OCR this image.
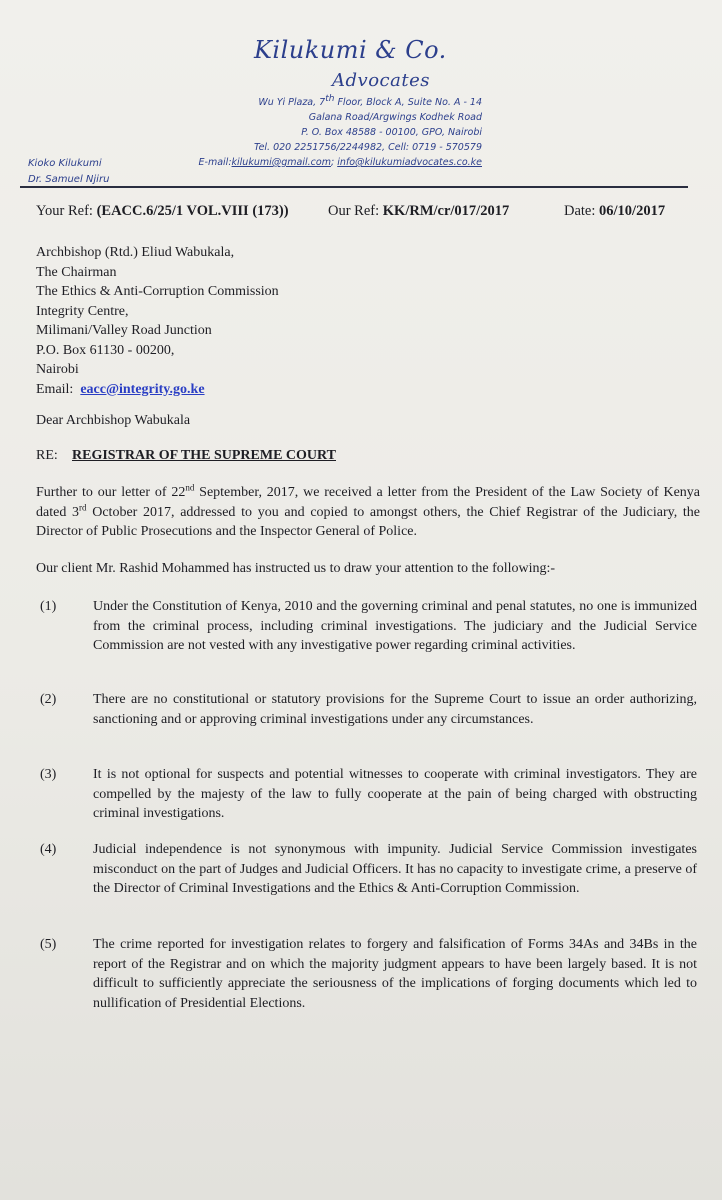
Kilukumi & Co.
Advocates
Wu Yi Plaza, 7th Floor, Block A, Suite No. A - 14
Galana Road/Argwings Kodhek Road
P. O. Box 48588 - 00100, GPO, Nairobi
Tel. 020 2251756/2244982, Cell: 0719 - 570579
E-mail:kilukumi@gmail.com; info@kilukumiadvocates.co.ke
Kioko Kilukumi
Dr. Samuel Njiru
Your Ref: (EACC.6/25/1 VOL.VIII (173))	Our Ref: KK/RM/cr/017/2017	Date: 06/10/2017
Archbishop (Rtd.) Eliud Wabukala,
The Chairman
The Ethics & Anti-Corruption Commission
Integrity Centre,
Milimani/Valley Road Junction
P.O. Box 61130 - 00200,
Nairobi
Email: eacc@integrity.go.ke
Dear Archbishop Wabukala
RE: REGISTRAR OF THE SUPREME COURT
Further to our letter of 22nd September, 2017, we received a letter from the President of the Law Society of Kenya dated 3rd October 2017, addressed to you and copied to amongst others, the Chief Registrar of the Judiciary, the Director of Public Prosecutions and the Inspector General of Police.
Our client Mr. Rashid Mohammed has instructed us to draw your attention to the following:-
(1)	Under the Constitution of Kenya, 2010 and the governing criminal and penal statutes, no one is immunized from the criminal process, including criminal investigations. The judiciary and the Judicial Service Commission are not vested with any investigative power regarding criminal activities.
(2)	There are no constitutional or statutory provisions for the Supreme Court to issue an order authorizing, sanctioning and or approving criminal investigations under any circumstances.
(3)	It is not optional for suspects and potential witnesses to cooperate with criminal investigators. They are compelled by the majesty of the law to fully cooperate at the pain of being charged with obstructing criminal investigations.
(4)	Judicial independence is not synonymous with impunity. Judicial Service Commission investigates misconduct on the part of Judges and Judicial Officers. It has no capacity to investigate crime, a preserve of the Director of Criminal Investigations and the Ethics & Anti-Corruption Commission.
(5)	The crime reported for investigation relates to forgery and falsification of Forms 34As and 34Bs in the report of the Registrar and on which the majority judgment appears to have been largely based. It is not difficult to sufficiently appreciate the seriousness of the implications of forging documents which led to nullification of Presidential Elections.
